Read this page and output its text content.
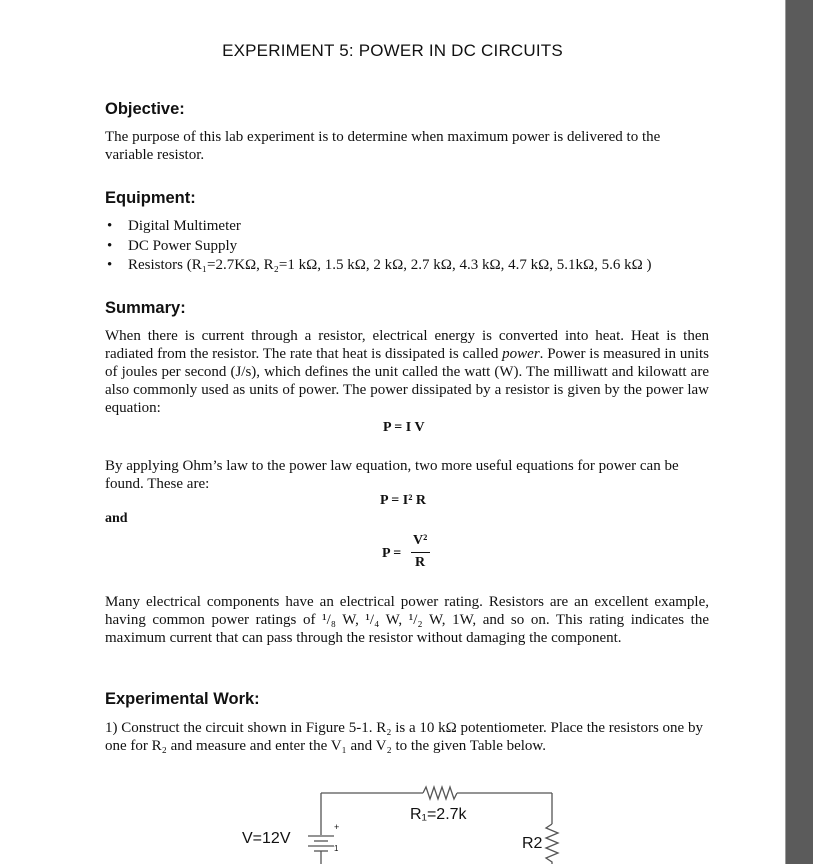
EXPERIMENT 5: POWER IN DC CIRCUITS
Objective:
The purpose of this lab experiment is to determine when maximum power is delivered to the variable resistor.
Equipment:
• Digital Multimeter
• DC Power Supply
• Resistors (R₁=2.7KΩ, R₂=1 kΩ, 1.5 kΩ, 2 kΩ, 2.7 kΩ, 4.3 kΩ, 4.7 kΩ, 5.1kΩ, 5.6 kΩ )
Summary:
When there is current through a resistor, electrical energy is converted into heat. Heat is then radiated from the resistor. The rate that heat is dissipated is called power. Power is measured in units of joules per second (J/s), which defines the unit called the watt (W). The milliwatt and kilowatt are also commonly used as units of power. The power dissipated by a resistor is given by the power law equation:
P = I V
By applying Ohm’s law to the power law equation, two more useful equations for power can be found. These are:
P = I² R
and
P =
V²
R
Many electrical components have an electrical power rating. Resistors are an excellent example, having common power ratings of ¹/₈ W, ¹/₄ W, ¹/₂ W, 1W, and so on. This rating indicates the maximum current that can pass through the resistor without damaging the component.
Experimental Work:
1) Construct the circuit shown in Figure 5-1. R₂ is a 10 kΩ potentiometer. Place the resistors one by one for R₂ and measure and enter the V₁ and V₂ to the given Table below.
V=12V
R₁=2.7k
R2
+
1
